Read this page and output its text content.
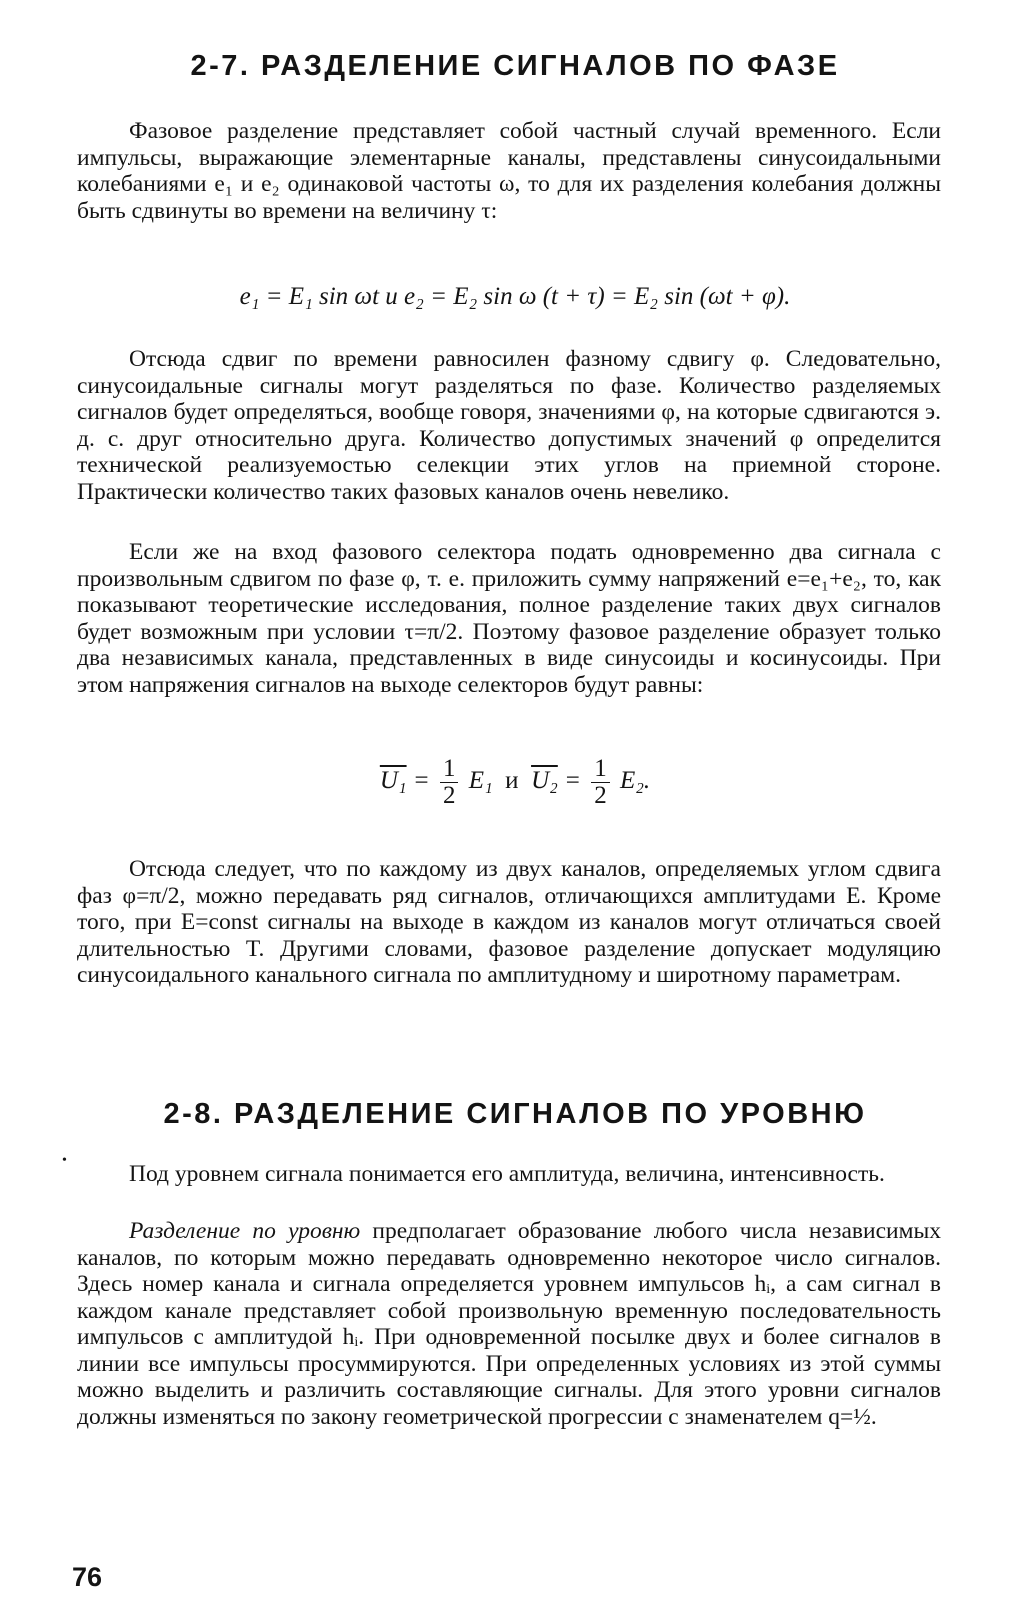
2-7. РАЗДЕЛЕНИЕ СИГНАЛОВ ПО ФАЗЕ

Фазовое разделение представляет собой частный случай временного. Если импульсы, выражающие элементарные каналы, представлены синусоидальными колебаниями e₁ и e₂ одинаковой частоты ω, то для их разделения колебания должны быть сдвинуты во времени на величину τ:

e₁ = E₁ sin ωt и e₂ = E₂ sin ω (t + τ) = E₂ sin (ωt + φ).

Отсюда сдвиг по времени равносилен фазному сдвигу φ. Следовательно, синусоидальные сигналы могут разделяться по фазе. Количество разделяемых сигналов будет определяться, вообще говоря, значениями φ, на которые сдвигаются э. д. с. друг относительно друга. Количество допустимых значений φ определится технической реализуемостью селекции этих углов на приемной стороне. Практически количество таких фазовых каналов очень невелико.

Если же на вход фазового селектора подать одновременно два сигнала с произвольным сдвигом по фазе φ, т. е. приложить сумму напряжений e=e₁+e₂, то, как показывают теоретические исследования, полное разделение таких двух сигналов будет возможным при условии τ=π/2. Поэтому фазовое разделение образует только два независимых канала, представленных в виде синусоиды и косинусоиды. При этом напряжения сигналов на выходе селекторов будут равны:

$U_1 = \frac{1}{2} E_1$ и $U_2 = \frac{1}{2} E_2$.

Отсюда следует, что по каждому из двух каналов, определяемых углом сдвига фаз φ=π/2, можно передавать ряд сигналов, отличающихся амплитудами E. Кроме того, при E=const сигналы на выходе в каждом из каналов могут отличаться своей длительностью T. Другими словами, фазовое разделение допускает модуляцию синусоидального канального сигнала по амплитудному и широтному параметрам.

2-8. РАЗДЕЛЕНИЕ СИГНАЛОВ ПО УРОВНЮ
•

Под уровнем сигнала понимается его амплитуда, величина, интенсивность.

Разделение по уровню предполагает образование любого числа независимых каналов, по которым можно передавать одновременно некоторое число сигналов. Здесь номер канала и сигнала определяется уровнем импульсов hᵢ, а сам сигнал в каждом канале представляет собой произвольную временную последовательность импульсов с амплитудой hᵢ. При одновременной посылке двух и более сигналов в линии все импульсы просуммируются. При определенных условиях из этой суммы можно выделить и различить составляющие сигналы. Для этого уровни сигналов должны изменяться по закону геометрической прогрессии с знаменателем q=½.

76
